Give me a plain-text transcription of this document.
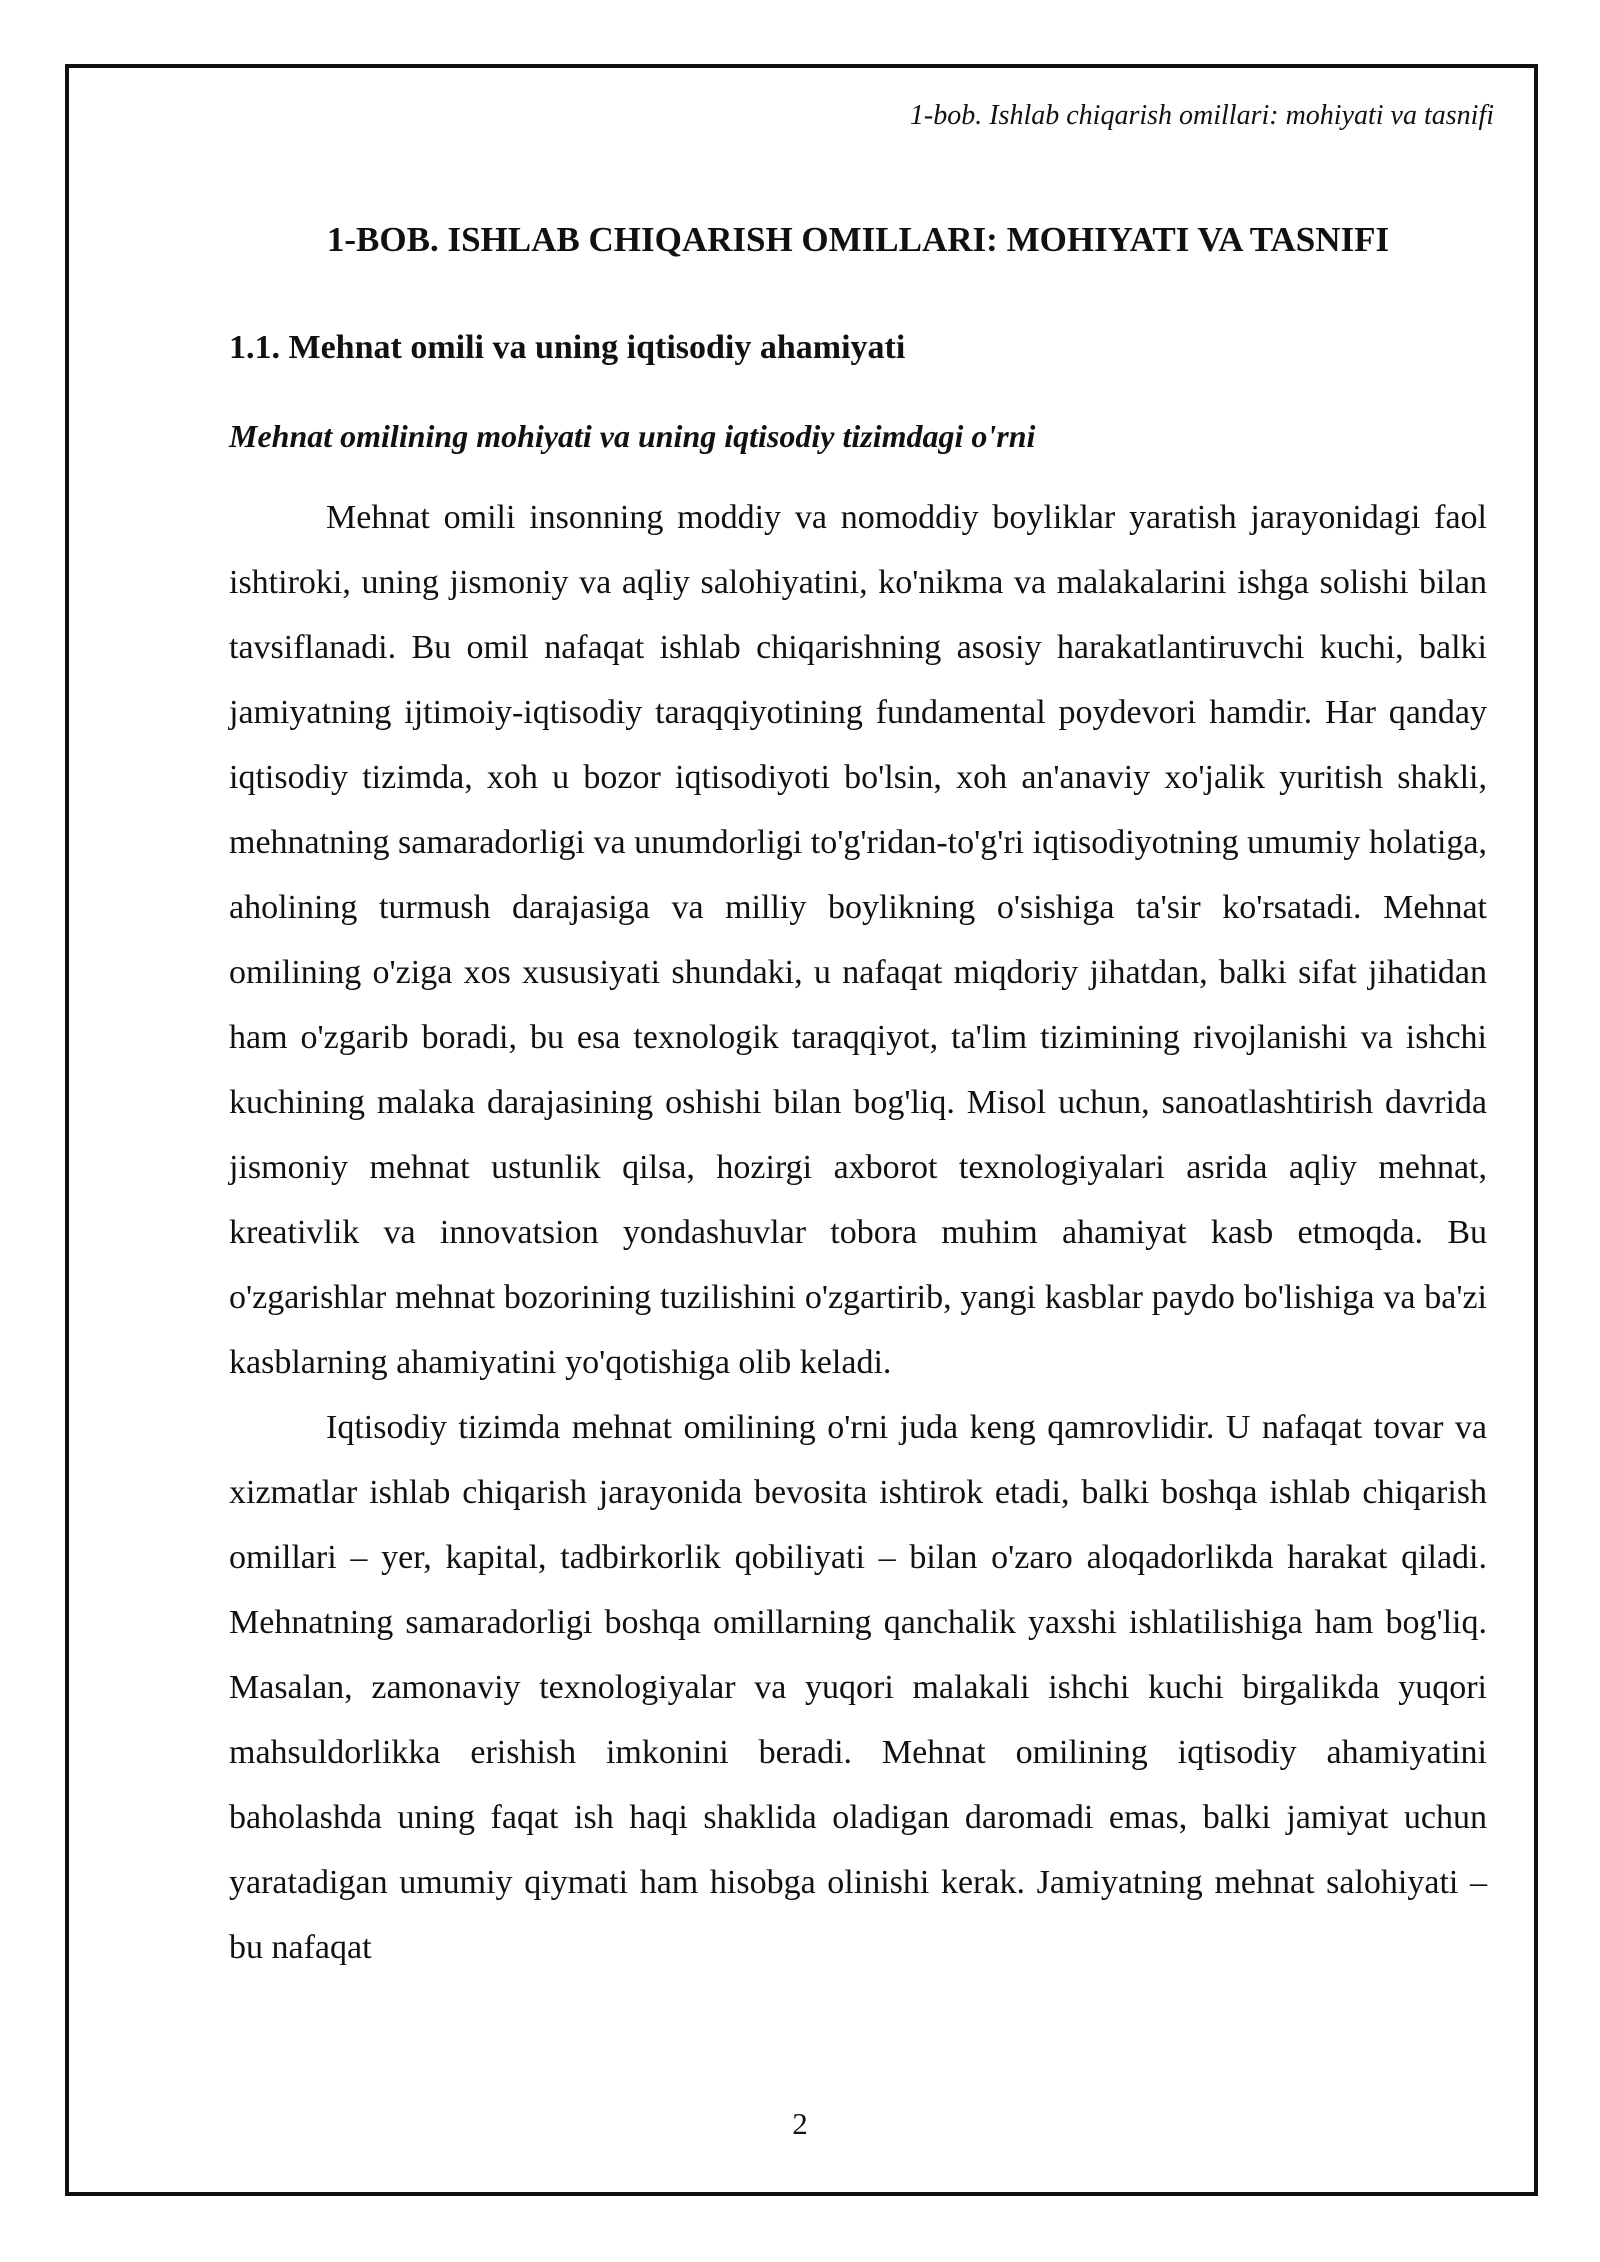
1-bob. Ishlab chiqarish omillari: mohiyati va tasnifi
1-BOB. ISHLAB CHIQARISH OMILLARI: MOHIYATI VA TASNIFI
1.1. Mehnat omili va uning iqtisodiy ahamiyati
Mehnat omilining mohiyati va uning iqtisodiy tizimdagi o'rni

Mehnat omili insonning moddiy va nomoddiy boyliklar yaratish jarayonidagi faol ishtiroki, uning jismoniy va aqliy salohiyatini, ko'nikma va malakalarini ishga solishi bilan tavsiflanadi. Bu omil nafaqat ishlab chiqarishning asosiy harakatlantiruvchi kuchi, balki jamiyatning ijtimoiy-iqtisodiy taraqqiyotining fundamental poydevori hamdir. Har qanday iqtisodiy tizimda, xoh u bozor iqtisodiyoti bo'lsin, xoh an'anaviy xo'jalik yuritish shakli, mehnatning samaradorligi va unumdorligi to'g'ridan-to'g'ri iqtisodiyotning umumiy holatiga, aholining turmush darajasiga va milliy boylikning o'sishiga ta'sir ko'rsatadi. Mehnat omilining o'ziga xos xususiyati shundaki, u nafaqat miqdoriy jihatdan, balki sifat jihatidan ham o'zgarib boradi, bu esa texnologik taraqqiyot, ta'lim tizimining rivojlanishi va ishchi kuchining malaka darajasining oshishi bilan bog'liq. Misol uchun, sanoatlashtirish davrida jismoniy mehnat ustunlik qilsa, hozirgi axborot texnologiyalari asrida aqliy mehnat, kreativlik va innovatsion yondashuvlar tobora muhim ahamiyat kasb etmoqda. Bu o'zgarishlar mehnat bozorining tuzilishini o'zgartirib, yangi kasblar paydo bo'lishiga va ba'zi kasblarning ahamiyatini yo'qotishiga olib keladi.

Iqtisodiy tizimda mehnat omilining o'rni juda keng qamrovlidir. U nafaqat tovar va xizmatlar ishlab chiqarish jarayonida bevosita ishtirok etadi, balki boshqa ishlab chiqarish omillari – yer, kapital, tadbirkorlik qobiliyati – bilan o'zaro aloqadorlikda harakat qiladi. Mehnatning samaradorligi boshqa omillarning qanchalik yaxshi ishlatilishiga ham bog'liq. Masalan, zamonaviy texnologiyalar va yuqori malakali ishchi kuchi birgalikda yuqori mahsuldorlikka erishish imkonini beradi. Mehnat omilining iqtisodiy ahamiyatini baholashda uning faqat ish haqi shaklida oladigan daromadi emas, balki jamiyat uchun yaratadigan umumiy qiymati ham hisobga olinishi kerak. Jamiyatning mehnat salohiyati – bu nafaqat

2
